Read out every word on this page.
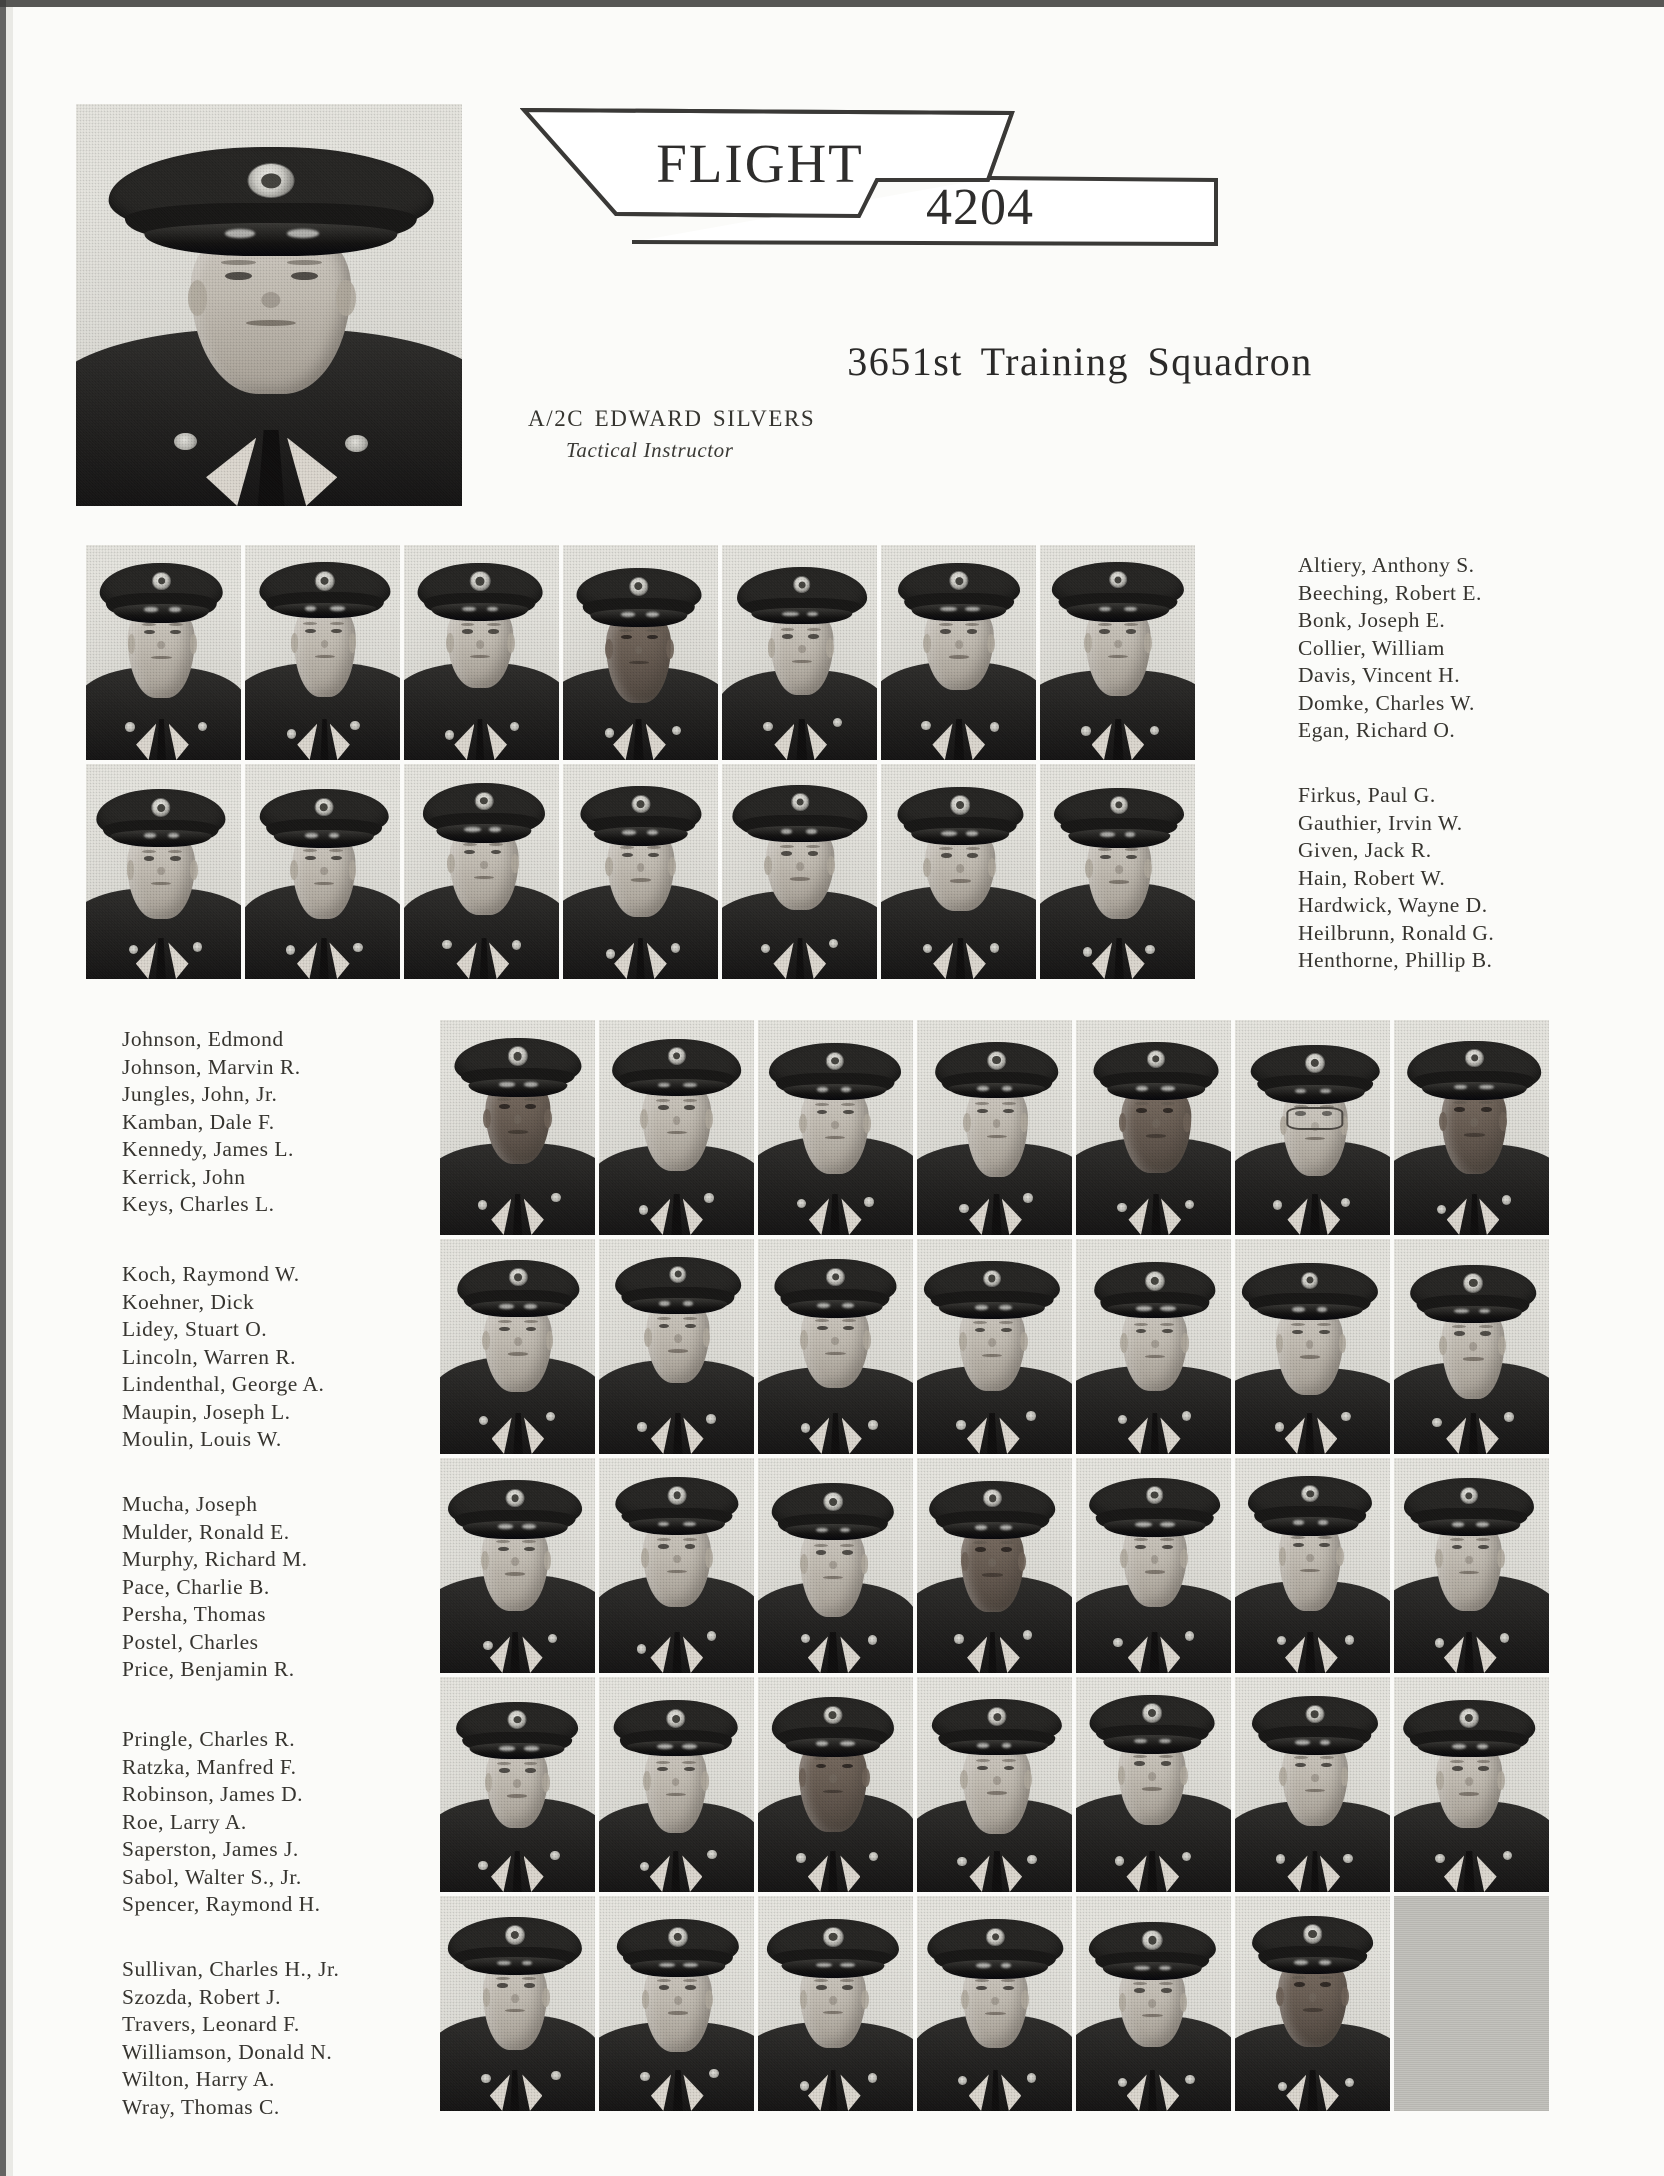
FLIGHT
4204
3651st Training Squadron
A/2C EDWARD SILVERS
Tactical Instructor
Altiery, Anthony S.
Beeching, Robert E.
Bonk, Joseph E.
Collier, William
Davis, Vincent H.
Domke, Charles W.
Egan, Richard O.
Firkus, Paul G.
Gauthier, Irvin W.
Given, Jack R.
Hain, Robert W.
Hardwick, Wayne D.
Heilbrunn, Ronald G.
Henthorne, Phillip B.
Johnson, Edmond
Johnson, Marvin R.
Jungles, John, Jr.
Kamban, Dale F.
Kennedy, James L.
Kerrick, John
Keys, Charles L.
Koch, Raymond W.
Koehner, Dick
Lidey, Stuart O.
Lincoln, Warren R.
Lindenthal, George A.
Maupin, Joseph L.
Moulin, Louis W.
Mucha, Joseph
Mulder, Ronald E.
Murphy, Richard M.
Pace, Charlie B.
Persha, Thomas
Postel, Charles
Price, Benjamin R.
Pringle, Charles R.
Ratzka, Manfred F.
Robinson, James D.
Roe, Larry A.
Saperston, James J.
Sabol, Walter S., Jr.
Spencer, Raymond H.
Sullivan, Charles H., Jr.
Szozda, Robert J.
Travers, Leonard F.
Williamson, Donald N.
Wilton, Harry A.
Wray, Thomas C.
